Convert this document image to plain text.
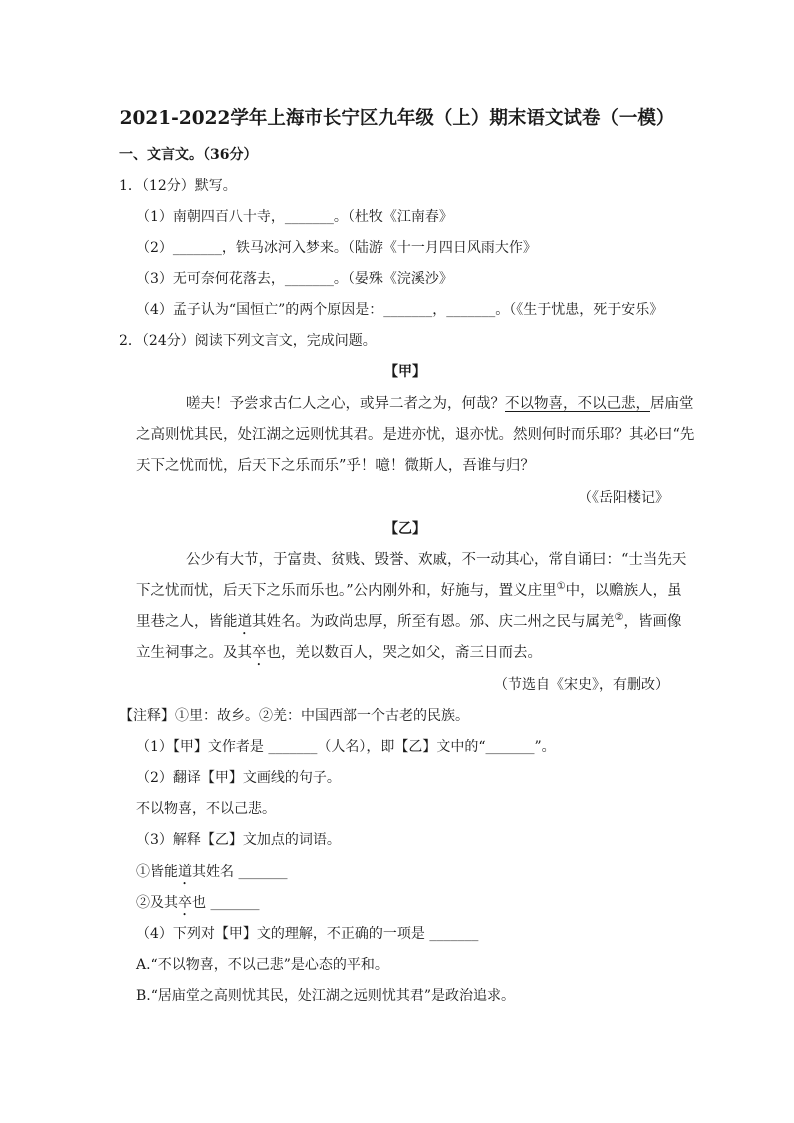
2021-2022学年上海市长宁区九年级（上）期末语文试卷（一模）
一、文言文。（36分）
1．（12分）默写。
（1）南朝四百八十寺，_______。（杜牧《江南春》
（2）_______，铁马冰河入梦来。（陆游《十一月四日风雨大作》
（3）无可奈何花落去，_______。（晏殊《浣溪沙》
（4）孟子认为“国恒亡”的两个原因是：_______，_______。（《生于忧患，死于安乐》
2．（24分）阅读下列文言文，完成问题。
【甲】
嗟夫！予尝求古仁人之心，或异二者之为，何哉？不以物喜，不以己悲，居庙堂
之高则忧其民，处江湖之远则忧其君。是进亦忧，退亦忧。然则何时而乐耶？其必曰“先
天下之忧而忧，后天下之乐而乐”乎！噫！微斯人，吾谁与归？
（《岳阳楼记》
【乙】
公少有大节，于富贵、贫贱、毁誉、欢戚，不一动其心，常自诵曰：“士当先天
下之忧而忧，后天下之乐而乐也。”公内刚外和，好施与，置义庄里①中，以赡族人，虽
里巷之人，皆能道其姓名。为政尚忠厚，所至有恩。邠、庆二州之民与属羌②，皆画像
立生祠事之。及其卒也，羌以数百人，哭之如父，斋三日而去。
（节选自《宋史》，有删改）
【注释】①里：故乡。②羌：中国西部一个古老的民族。
（1）【甲】文作者是 _______（人名），即【乙】文中的“_______”。
（2）翻译【甲】文画线的句子。
不以物喜，不以己悲。
（3）解释【乙】文加点的词语。
①皆能道其姓名 _______
②及其卒也 _______
（4）下列对【甲】文的理解，不正确的一项是 _______
A.“不以物喜，不以己悲”是心态的平和。
B.“居庙堂之高则忧其民，处江湖之远则忧其君”是政治追求。
